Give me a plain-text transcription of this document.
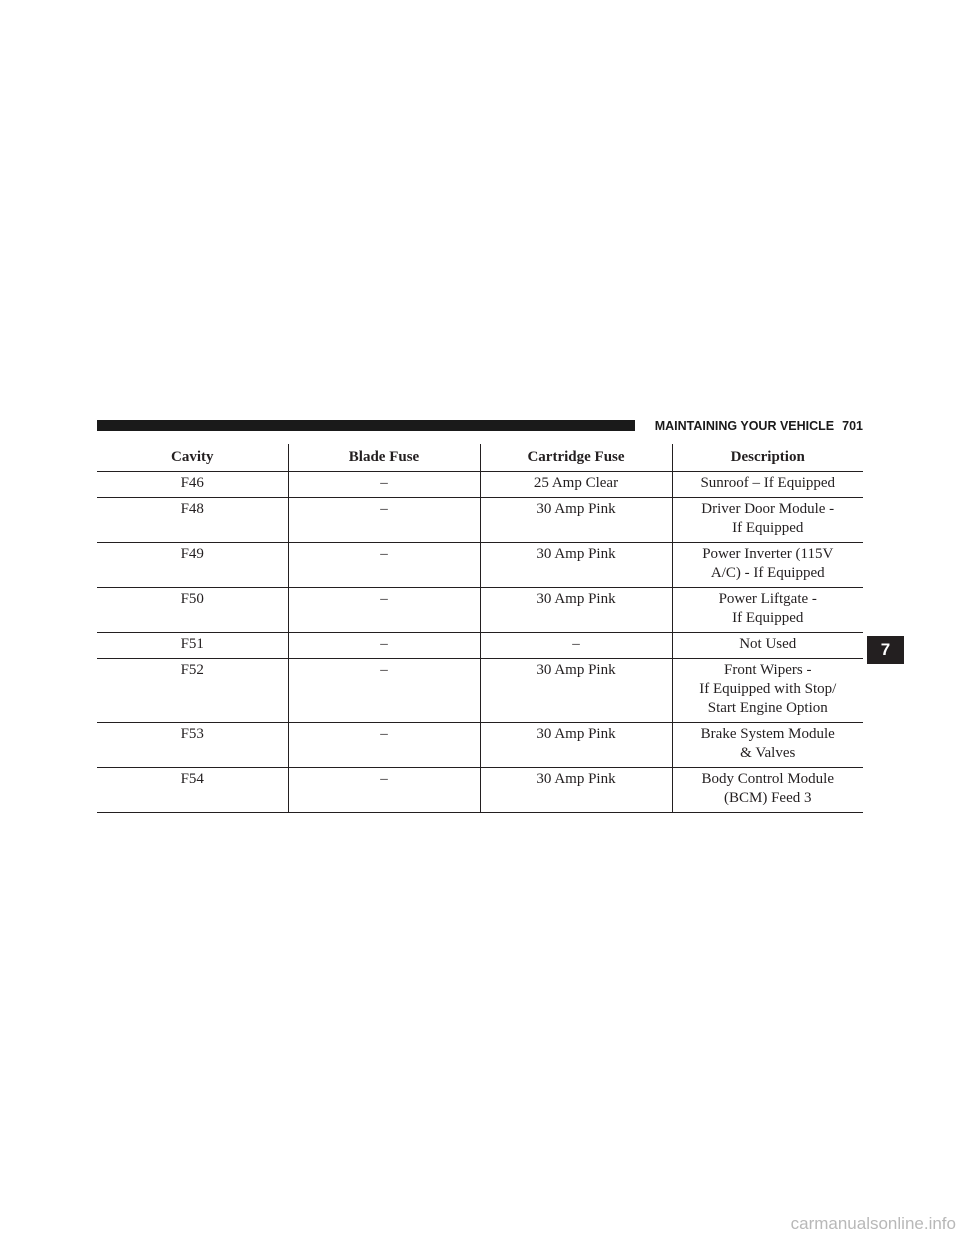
MAINTAINING YOUR VEHICLE 701
Cavity	Blade Fuse	Cartridge Fuse	Description
F46	–	25 Amp Clear	Sunroof – If Equipped
F48	–	30 Amp Pink	Driver Door Module -
If Equipped
F49	–	30 Amp Pink	Power Inverter (115V
A/C) - If Equipped
F50	–	30 Amp Pink	Power Liftgate -
If Equipped
F51	–	–	Not Used
F52	–	30 Amp Pink	Front Wipers -
If Equipped with Stop/
Start Engine Option
F53	–	30 Amp Pink	Brake System Module
& Valves
F54	–	30 Amp Pink	Body Control Module
(BCM) Feed 3
7
carmanualsonline.info
